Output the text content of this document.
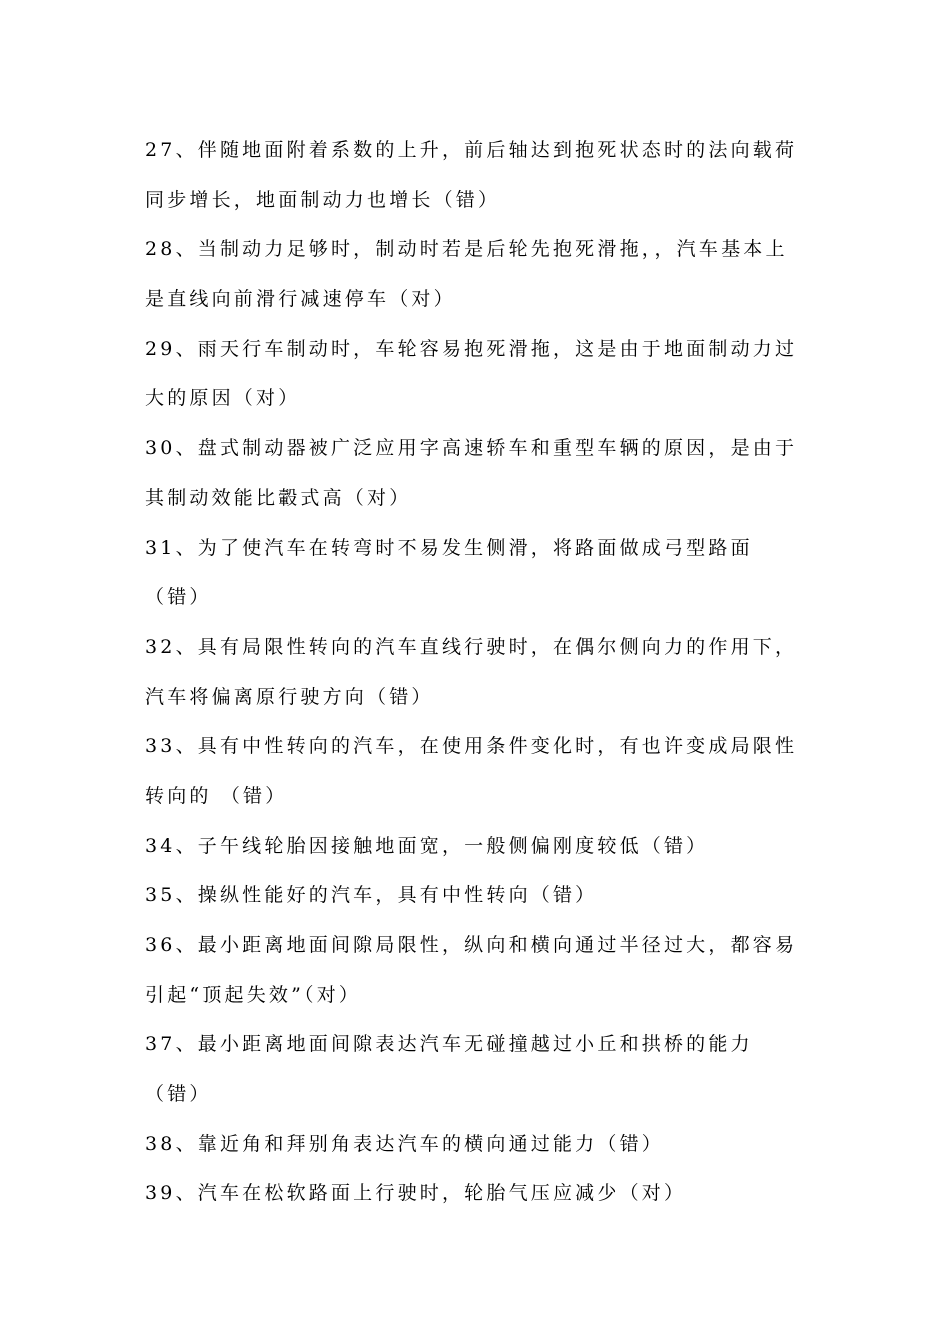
27、伴随地面附着系数的上升，前后轴达到抱死状态时的法向载荷
同步增长，地面制动力也增长（错）
28、当制动力足够时，制动时若是后轮先抱死滑拖，，汽车基本上
是直线向前滑行减速停车（对）
29、雨天行车制动时，车轮容易抱死滑拖，这是由于地面制动力过
大的原因（对）
30、盘式制动器被广泛应用字高速轿车和重型车辆的原因，是由于
其制动效能比轂式高（对）
31、为了使汽车在转弯时不易发生侧滑，将路面做成弓型路面
（错）
32、具有局限性转向的汽车直线行驶时，在偶尔侧向力的作用下，
汽车将偏离原行驶方向（错）
33、具有中性转向的汽车，在使用条件变化时，有也许变成局限性
转向的 （错）
34、子午线轮胎因接触地面宽，一般侧偏刚度较低（错）
35、操纵性能好的汽车，具有中性转向（错）
36、最小距离地面间隙局限性，纵向和横向通过半径过大，都容易
引起“顶起失效”（对）
37、最小距离地面间隙表达汽车无碰撞越过小丘和拱桥的能力
（错）
38、靠近角和拜别角表达汽车的横向通过能力（错）
39、汽车在松软路面上行驶时，轮胎气压应减少（对）
